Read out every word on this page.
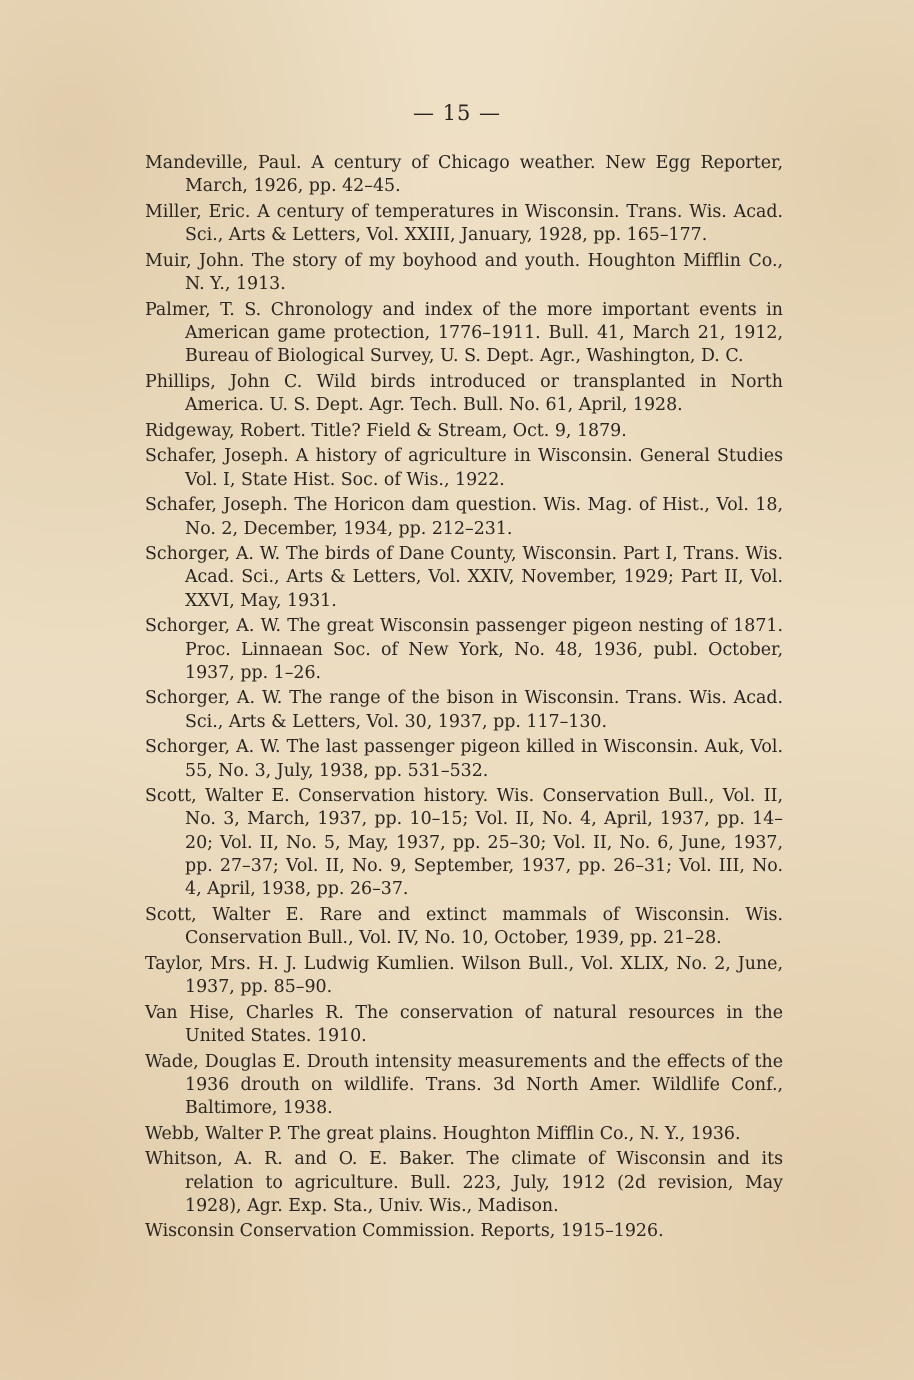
— 15 —
Mandeville, Paul. A century of Chicago weather. New Egg Reporter, March, 1926, pp. 42–45.
Miller, Eric. A century of temperatures in Wisconsin. Trans. Wis. Acad. Sci., Arts & Letters, Vol. XXIII, January, 1928, pp. 165–177.
Muir, John. The story of my boyhood and youth. Houghton Mifflin Co., N. Y., 1913.
Palmer, T. S. Chronology and index of the more important events in American game protection, 1776–1911. Bull. 41, March 21, 1912, Bureau of Biological Survey, U. S. Dept. Agr., Washington, D. C.
Phillips, John C. Wild birds introduced or transplanted in North America. U. S. Dept. Agr. Tech. Bull. No. 61, April, 1928.
Ridgeway, Robert. Title? Field & Stream, Oct. 9, 1879.
Schafer, Joseph. A history of agriculture in Wisconsin. General Studies Vol. I, State Hist. Soc. of Wis., 1922.
Schafer, Joseph. The Horicon dam question. Wis. Mag. of Hist., Vol. 18, No. 2, December, 1934, pp. 212–231.
Schorger, A. W. The birds of Dane County, Wisconsin. Part I, Trans. Wis. Acad. Sci., Arts & Letters, Vol. XXIV, November, 1929; Part II, Vol. XXVI, May, 1931.
Schorger, A. W. The great Wisconsin passenger pigeon nesting of 1871. Proc. Linnaean Soc. of New York, No. 48, 1936, publ. October, 1937, pp. 1–26.
Schorger, A. W. The range of the bison in Wisconsin. Trans. Wis. Acad. Sci., Arts & Letters, Vol. 30, 1937, pp. 117–130.
Schorger, A. W. The last passenger pigeon killed in Wisconsin. Auk, Vol. 55, No. 3, July, 1938, pp. 531–532.
Scott, Walter E. Conservation history. Wis. Conservation Bull., Vol. II, No. 3, March, 1937, pp. 10–15; Vol. II, No. 4, April, 1937, pp. 14–20; Vol. II, No. 5, May, 1937, pp. 25–30; Vol. II, No. 6, June, 1937, pp. 27–37; Vol. II, No. 9, September, 1937, pp. 26–31; Vol. III, No. 4, April, 1938, pp. 26–37.
Scott, Walter E. Rare and extinct mammals of Wisconsin. Wis. Conservation Bull., Vol. IV, No. 10, October, 1939, pp. 21–28.
Taylor, Mrs. H. J. Ludwig Kumlien. Wilson Bull., Vol. XLIX, No. 2, June, 1937, pp. 85–90.
Van Hise, Charles R. The conservation of natural resources in the United States. 1910.
Wade, Douglas E. Drouth intensity measurements and the effects of the 1936 drouth on wildlife. Trans. 3d North Amer. Wildlife Conf., Baltimore, 1938.
Webb, Walter P. The great plains. Houghton Mifflin Co., N. Y., 1936.
Whitson, A. R. and O. E. Baker. The climate of Wisconsin and its relation to agriculture. Bull. 223, July, 1912 (2d revision, May 1928), Agr. Exp. Sta., Univ. Wis., Madison.
Wisconsin Conservation Commission. Reports, 1915–1926.
